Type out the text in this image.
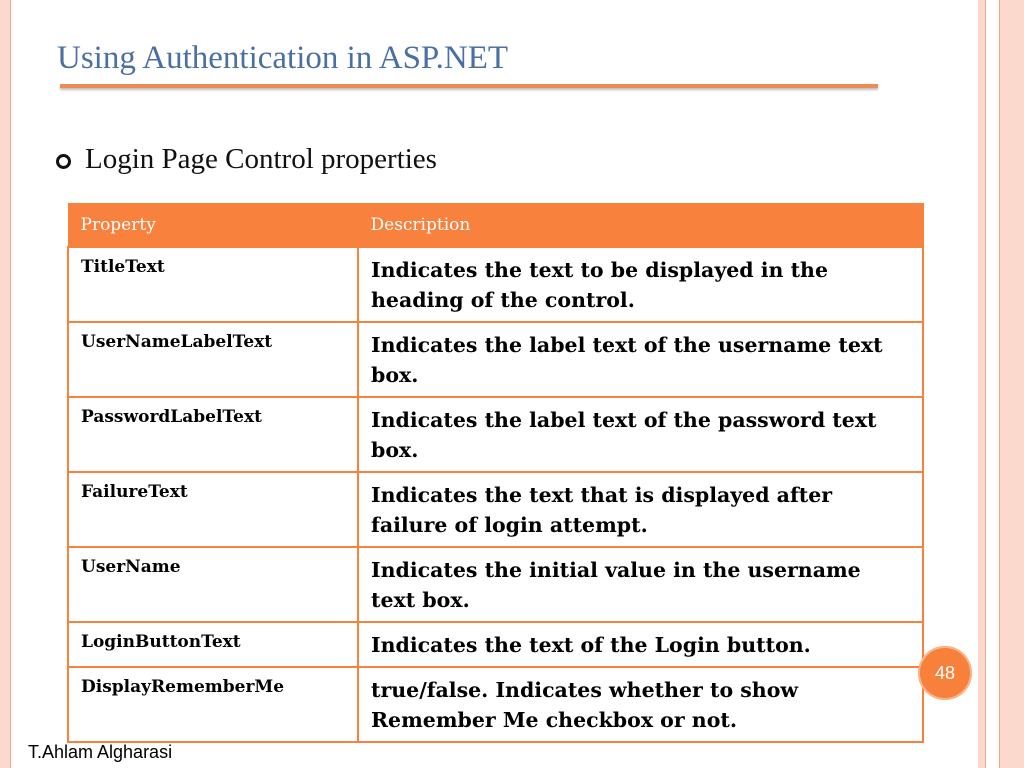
Using Authentication in ASP.NET
Login Page Control properties
Property	Description
TitleText	Indicates the text to be displayed in the heading of the control.
UserNameLabelText	Indicates the label text of the username text box.
PasswordLabelText	Indicates the label text of the password text box.
FailureText	Indicates the text that is displayed after failure of login attempt.
UserName	Indicates the initial value in the username text box.
LoginButtonText	Indicates the text of the Login button.
DisplayRememberMe	true/false. Indicates whether to show Remember Me checkbox or not.
48
T.Ahlam Algharasi
